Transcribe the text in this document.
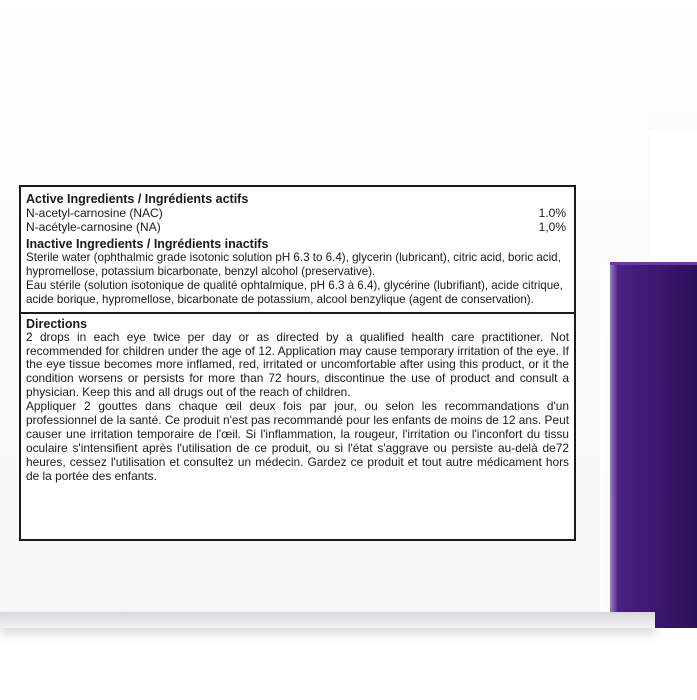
Active Ingredients / Ingrédients actifs

N-acetyl-carnosine (NAC)	1.0%
N-acétyle-carnosine (NA)	1,0%

Inactive Ingredients / Ingrédients inactifs

Sterile water (ophthalmic grade isotonic solution pH 6.3 to 6.4), glycerin (lubricant), citric acid, boric acid, hypromellose, potassium bicarbonate, benzyl alcohol (preservative).

Eau stérile (solution isotonique de qualité ophtalmique, pH 6.3 à 6.4), glycérine (lubrifiant), acide citrique, acide borique, hypromellose, bicarbonate de potassium, alcool benzylique (agent de conservation).

Directions

2 drops in each eye twice per day or as directed by a qualified health care practitioner. Not recommended for children under the age of 12. Application may cause temporary irritation of the eye. If the eye tissue becomes more inflamed, red, irritated or uncomfortable after using this product, or it the condition worsens or persists for more than 72 hours, discontinue the use of product and consult a physician. Keep this and all drugs out of the reach of children.

Appliquer 2 gouttes dans chaque œil deux fois par jour, ou selon les recommandations d'un professionnel de la santé. Ce produit n'est pas recommandé pour les enfants de moins de 12 ans. Peut causer une irritation temporaire de l'œil. Si l'inflammation, la rougeur, l'irritation ou l'inconfort du tissu oculaire s'intensifient après l'utilisation de ce produit, ou si l'état s'aggrave ou persiste au-delà de72 heures, cessez l'utilisation et consultez un médecin. Gardez ce produit et tout autre médicament hors de la portée des enfants.
